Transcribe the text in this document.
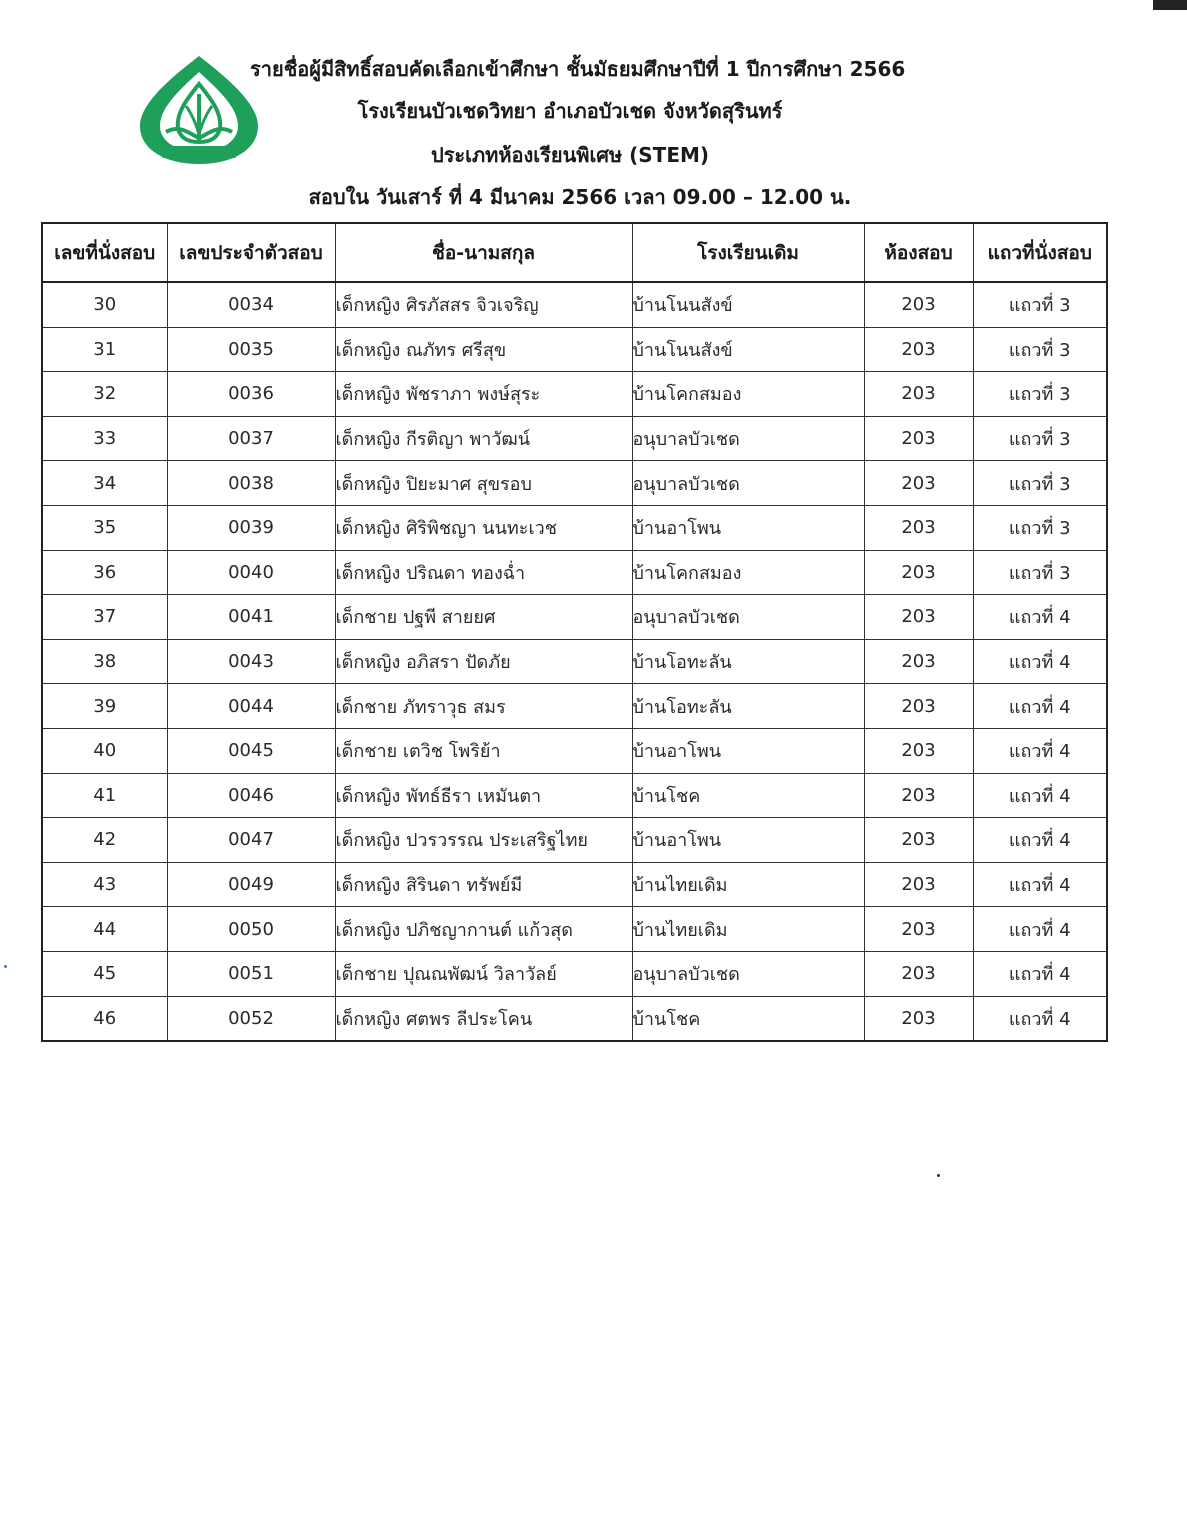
รายชื่อผู้มีสิทธิ์สอบคัดเลือกเข้าศึกษา ชั้นมัธยมศึกษาปีที่ 1 ปีการศึกษา 2566
โรงเรียนบัวเชดวิทยา อำเภอบัวเชด จังหวัดสุรินทร์
ประเภทห้องเรียนพิเศษ (STEM)
สอบใน วันเสาร์ ที่ 4 มีนาคม 2566 เวลา 09.00 – 12.00 น.
เลขที่นั่งสอบ	เลขประจำตัวสอบ	ชื่อ-นามสกุล	โรงเรียนเดิม	ห้องสอบ	แถวที่นั่งสอบ
30	0034	เด็กหญิง ศิรภัสสร จิวเจริญ	บ้านโนนสังข์	203	แถวที่ 3
31	0035	เด็กหญิง ณภัทร ศรีสุข	บ้านโนนสังข์	203	แถวที่ 3
32	0036	เด็กหญิง พัชราภา พงษ์สุระ	บ้านโคกสมอง	203	แถวที่ 3
33	0037	เด็กหญิง กีรติญา พาวัฒน์	อนุบาลบัวเชด	203	แถวที่ 3
34	0038	เด็กหญิง ปิยะมาศ สุขรอบ	อนุบาลบัวเชด	203	แถวที่ 3
35	0039	เด็กหญิง ศิริพิชญา นนทะเวช	บ้านอาโพน	203	แถวที่ 3
36	0040	เด็กหญิง ปริณดา ทองฉ่ำ	บ้านโคกสมอง	203	แถวที่ 3
37	0041	เด็กชาย ปฐพี สายยศ	อนุบาลบัวเชด	203	แถวที่ 4
38	0043	เด็กหญิง อภิสรา ปัดภัย	บ้านโอทะลัน	203	แถวที่ 4
39	0044	เด็กชาย ภัทราวุธ สมร	บ้านโอทะลัน	203	แถวที่ 4
40	0045	เด็กชาย เตวิช โพริย้า	บ้านอาโพน	203	แถวที่ 4
41	0046	เด็กหญิง พัทธ์ธีรา เหมันตา	บ้านโชค	203	แถวที่ 4
42	0047	เด็กหญิง ปวรวรรณ ประเสริฐไทย	บ้านอาโพน	203	แถวที่ 4
43	0049	เด็กหญิง สิรินดา ทรัพย์มี	บ้านไทยเดิม	203	แถวที่ 4
44	0050	เด็กหญิง ปภิชญากานต์ แก้วสุด	บ้านไทยเดิม	203	แถวที่ 4
45	0051	เด็กชาย ปุณณพัฒน์ วิลาวัลย์	อนุบาลบัวเชด	203	แถวที่ 4
46	0052	เด็กหญิง ศตพร ลีประโคน	บ้านโชค	203	แถวที่ 4
